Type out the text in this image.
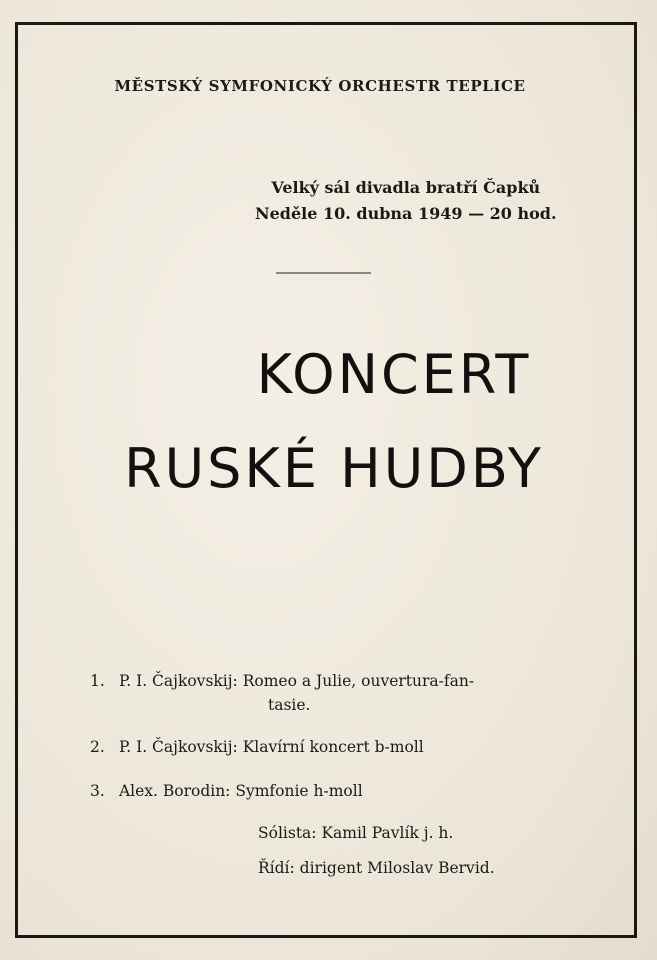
MĚSTSKÝ SYMFONICKÝ ORCHESTR TEPLICE
Velký sál divadla bratří Čapků
Neděle 10. dubna 1949 — 20 hod.
KONCERT
RUSKÉ HUDBY
1. P. I. Čajkovskij: Romeo a Julie, ouvertura-fan-
tasie.
2. P. I. Čajkovskij: Klavírní koncert b-moll
3. Alex. Borodin: Symfonie h-moll
Sólista: Kamil Pavlík j. h.
Řídí: dirigent Miloslav Bervid.
